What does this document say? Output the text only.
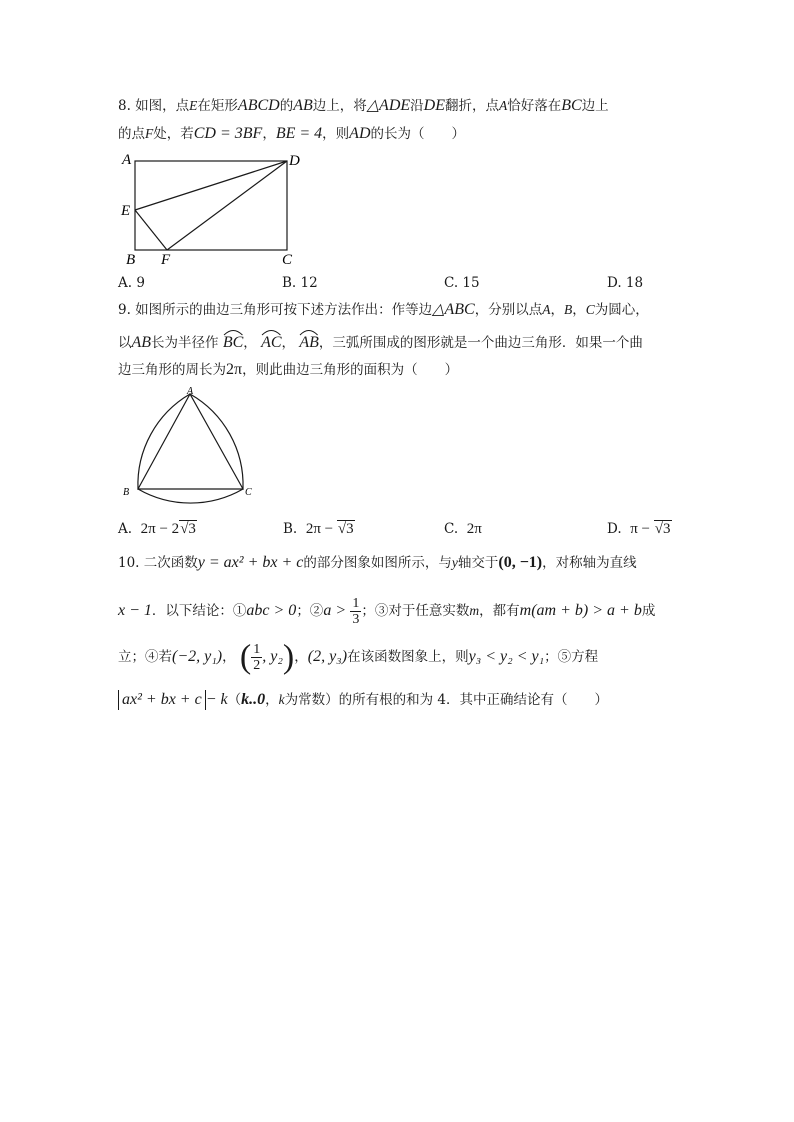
8. 如图，点E在矩形ABCD的AB边上，将△ADE沿DE翻折，点A恰好落在BC边上
的点F处，若CD = 3BF，BE = 4，则AD的长为（　　）
A	D
E
B F	C
A. 9	B. 12	C. 15	D. 18
9. 如图所示的曲边三角形可按下述方法作出：作等边△ABC，分别以点A，B，C为圆心，
以AB长为半径作 BC， AC， AB，三弧所围成的图形就是一个曲边三角形．如果一个曲
边三角形的周长为2π，则此曲边三角形的面积为（　　）
A
B	C
A. 2π − 2√3	B. 2π − √3	C. 2π	D. π − √3
10. 二次函数y = ax² + bx + c的部分图象如图所示，与y轴交于(0, −1)，对称轴为直线
x − 1．以下结论：①abc > 0；②a > $\frac{1}{3}$ ；③对于任意实数m，都有m(am + b) > a + b成
立；④若(−2, y₁)， ( $\frac{1}{2}$ , y₂)，(2, y₃)在该函数图象上，则y₃ < y₂ < y₁；⑤方程
ax² + bx + c − k（k..0，k为常数）的所有根的和为 4．其中正确结论有（　　）
